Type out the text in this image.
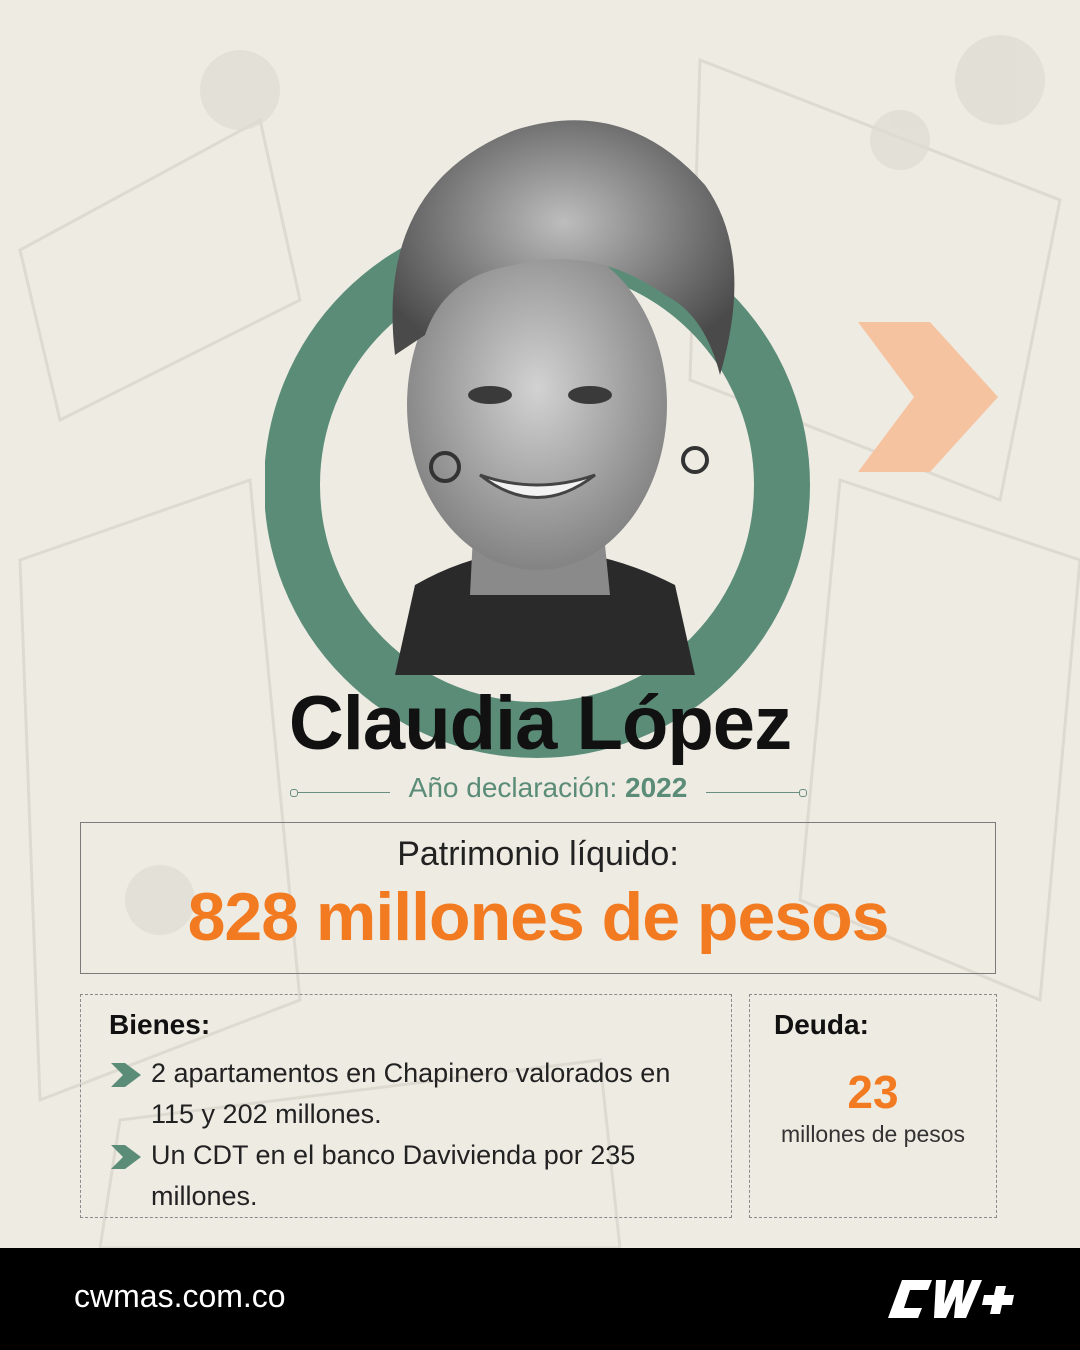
Claudia López
Año declaración: 2022
Patrimonio líquido:
828 millones de pesos
Bienes:
2 apartamentos en Chapinero valorados en 115 y 202 millones.
Un CDT en el banco Davivienda por 235 millones.
Deuda:
23
millones de pesos
cwmas.com.co
